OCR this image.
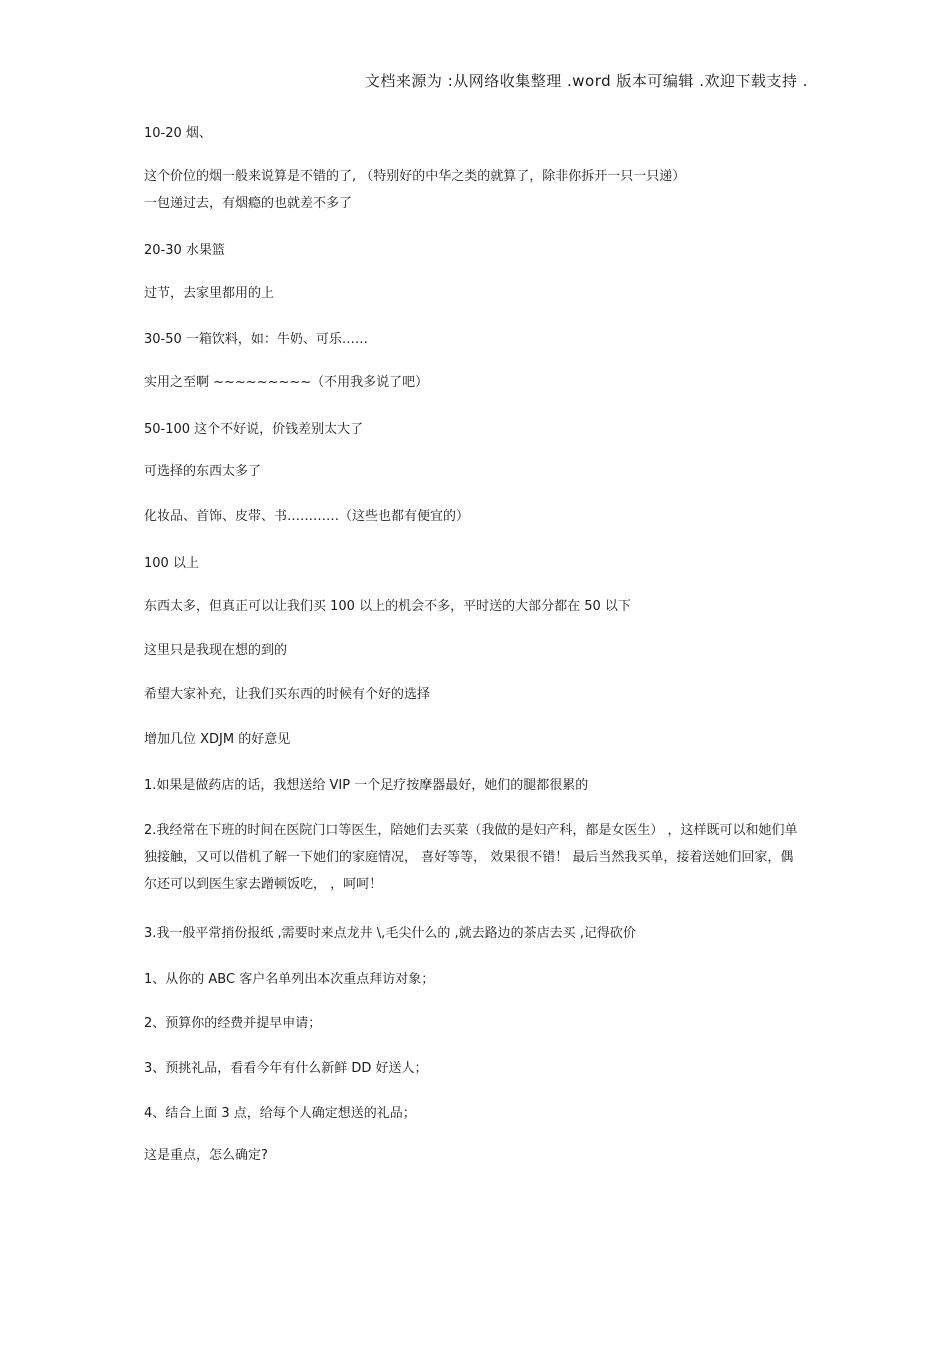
文档来源为 :从网络收集整理 .word 版本可编辑 .欢迎下载支持 .
10-20 烟、
这个价位的烟一般来说算是不错的了, （特别好的中华之类的就算了，除非你拆开一只一只递）
一包递过去，有烟瘾的也就差不多了
20-30 水果篮
过节，去家里都用的上
30-50 一箱饮料，如：牛奶、可乐……
实用之至啊 ~~~~~~~~~（不用我多说了吧）
50-100 这个不好说，价钱差别太大了
可选择的东西太多了
化妆品、首饰、皮带、书…………（这些也都有便宜的）
100 以上
东西太多，但真正可以让我们买 100 以上的机会不多，平时送的大部分都在 50 以下
这里只是我现在想的到的
希望大家补充，让我们买东西的时候有个好的选择
增加几位 XDJM 的好意见
1.如果是做药店的话，我想送给 VIP 一个足疗按摩器最好，她们的腿都很累的
2.我经常在下班的时间在医院门口等医生，陪她们去买菜（我做的是妇产科，都是女医生） ，这样既可以和她们单独接触，又可以借机了解一下她们的家庭情况， 喜好等等， 效果很不错！ 最后当然我买单，接着送她们回家，偶尔还可以到医生家去蹭顿饭吃， ，呵呵！
3.我一般平常捎份报纸 ,需要时来点龙井 \,毛尖什么的 ,就去路边的茶店去买 ,记得砍价
1、从你的 ABC 客户名单列出本次重点拜访对象；
2、预算你的经费并提早申请；
3、预挑礼品，看看今年有什么新鲜 DD 好送人；
4、结合上面 3 点，给每个人确定想送的礼品；
这是重点，怎么确定?
